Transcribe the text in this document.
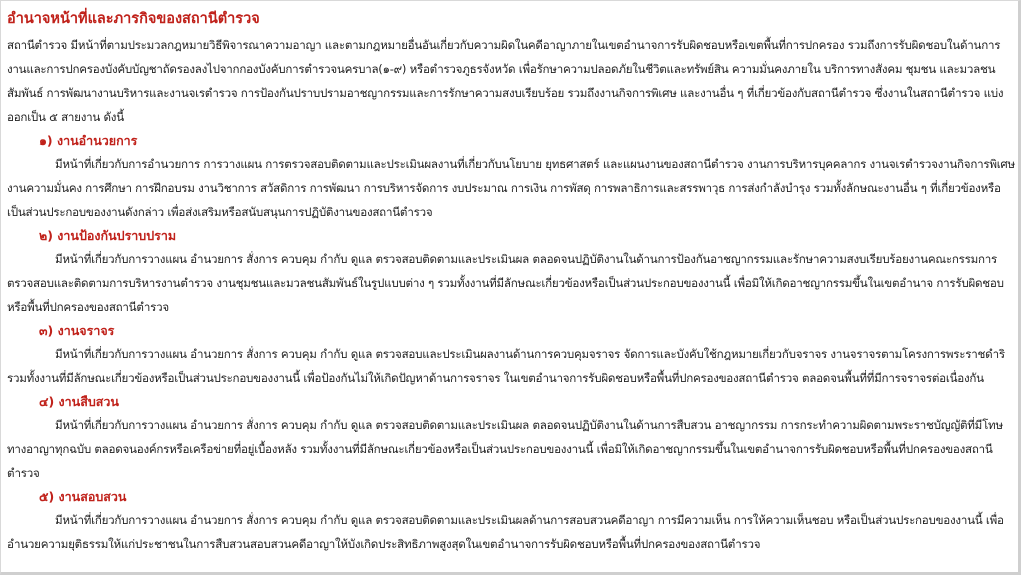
อำนาจหน้าที่และภารกิจของสถานีตำรวจ

สถานีตำรวจ มีหน้าที่ตามประมวลกฎหมายวิธีพิจารณาความอาญา และตามกฎหมายอื่นอันเกี่ยวกับความผิดในคดีอาญาภายในเขตอำนาจการรับผิดชอบหรือเขตพื้นที่การปกครอง รวมถึงการรับผิดชอบในด้านการงานและการปกครองบังคับบัญชาถัดรองลงไปจากกองบังคับการตำรวจนครบาล(๑-๙) หรือตำรวจภูธรจังหวัด เพื่อรักษาความปลอดภัยในชีวิตและทรัพย์สิน ความมั่นคงภายใน บริการทางสังคม ชุมชน และมวลชนสัมพันธ์ การพัฒนางานบริหารและงานจเรตำรวจ การป้องกันปราบปรามอาชญากรรมและการรักษาความสงบเรียบร้อย รวมถึงงานกิจการพิเศษ และงานอื่น ๆ ที่เกี่ยวข้องกับสถานีตำรวจ ซึ่งงานในสถานีตำรวจ แบ่งออกเป็น ๕ สายงาน ดังนี้

๑) งานอำนวยการ

มีหน้าที่เกี่ยวกับการอำนวยการ การวางแผน การตรวจสอบติดตามและประเมินผลงานที่เกี่ยวกับนโยบาย ยุทธศาสตร์ และแผนงานของสถานีตำรวจ งานการบริหารบุคคลากร งานจเรตำรวจงานกิจการพิเศษ งานความมั่นคง การศึกษา การฝึกอบรม งานวิชาการ สวัสดิการ การพัฒนา การบริหารจัดการ งบประมาณ การเงิน การพัสดุ การพลาธิการและสรรพาวุธ การส่งกำลังบำรุง รวมทั้งลักษณะงานอื่น ๆ ที่เกี่ยวข้องหรือเป็นส่วนประกอบของงานดังกล่าว เพื่อส่งเสริมหรือสนับสนุนการปฏิบัติงานของสถานีตำรวจ

๒) งานป้องกันปราบปราม

มีหน้าที่เกี่ยวกับการวางแผน อำนวยการ สั่งการ ควบคุม กำกับ ดูแล ตรวจสอบติดตามและประเมินผล ตลอดจนปฏิบัติงานในด้านการป้องกันอาชญากรรมและรักษาความสงบเรียบร้อยงานคณะกรรมการตรวจสอบและติดตามการบริหารงานตำรวจ งานชุมชนและมวลชนสัมพันธ์ในรูปแบบต่าง ๆ รวมทั้งงานที่มีลักษณะเกี่ยวข้องหรือเป็นส่วนประกอบของงานนี้ เพื่อมิให้เกิดอาชญากรรมขึ้นในเขตอำนาจ การรับผิดชอบหรือพื้นที่ปกครองของสถานีตำรวจ

๓) งานจราจร

มีหน้าที่เกี่ยวกับการวางแผน อำนวยการ สั่งการ ควบคุม กำกับ ดูแล ตรวจสอบและประเมินผลงานด้านการควบคุมจราจร จัดการและบังคับใช้กฎหมายเกี่ยวกับจราจร งานจราจรตามโครงการพระราชดำริ รวมทั้งงานที่มีลักษณะเกี่ยวข้องหรือเป็นส่วนประกอบของงานนี้ เพื่อป้องกันไม่ให้เกิดปัญหาด้านการจราจร ในเขตอำนาจการรับผิดชอบหรือพื้นที่ปกครองของสถานีตำรวจ ตลอดจนพื้นที่ที่มีการจราจรต่อเนื่องกัน

๔) งานสืบสวน

มีหน้าที่เกี่ยวกับการวางแผน อำนวยการ สั่งการ ควบคุม กำกับ ดูแล ตรวจสอบติดตามและประเมินผล ตลอดจนปฏิบัติงานในด้านการสืบสวน อาชญากรรม การกระทำความผิดตามพระราชบัญญัติที่มีโทษทางอาญาทุกฉบับ ตลอดจนองค์กรหรือเครือข่ายที่อยู่เบื้องหลัง รวมทั้งงานที่มีลักษณะเกี่ยวข้องหรือเป็นส่วนประกอบของงานนี้ เพื่อมิให้เกิดอาชญากรรมขึ้นในเขตอำนาจการรับผิดชอบหรือพื้นที่ปกครองของสถานีตำรวจ

๕) งานสอบสวน

มีหน้าที่เกี่ยวกับการวางแผน อำนวยการ สั่งการ ควบคุม กำกับ ดูแล ตรวจสอบติดตามและประเมินผลด้านการสอบสวนคดีอาญา การมีความเห็น การให้ความเห็นชอบ หรือเป็นส่วนประกอบของงานนี้ เพื่ออำนวยความยุติธรรมให้แก่ประชาชนในการสืบสวนสอบสวนคดีอาญาให้บังเกิดประสิทธิภาพสูงสุดในเขตอำนาจการรับผิดชอบหรือพื้นที่ปกครองของสถานีตำรวจ
